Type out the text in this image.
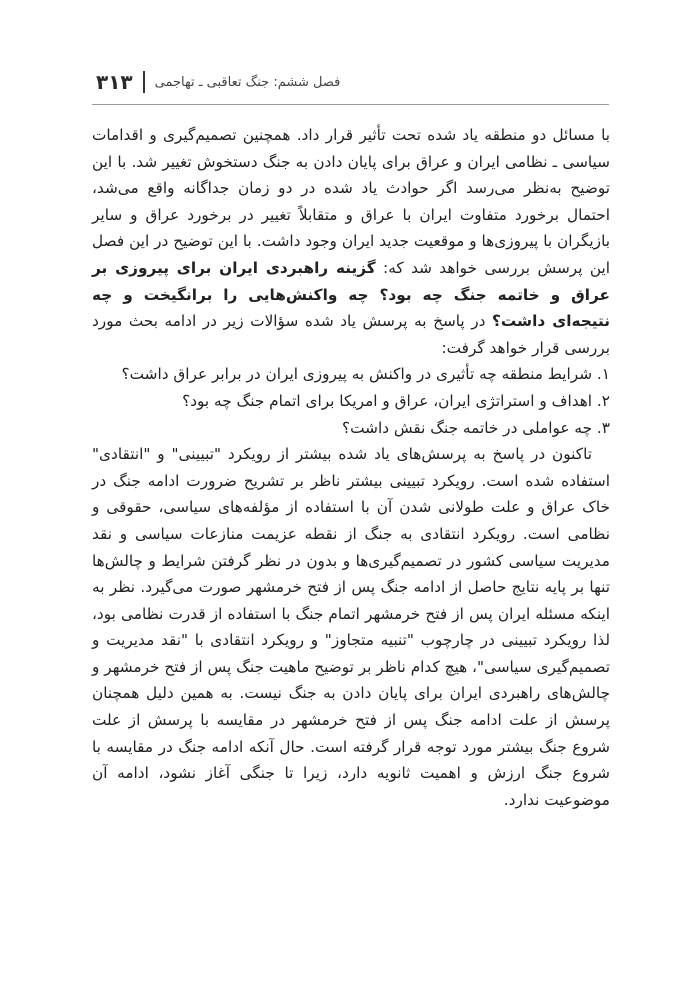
۳۱۳	فصل ششم: جنگ تعاقبی ـ تهاجمی

با مسائل دو منطقه یاد شده تحت تأثیر قرار داد. همچنین تصمیم‌گیری و اقدامات سیاسی ـ نظامی ایران و عراق برای پایان دادن به جنگ دستخوش تغییر شد. با این توضیح به‌نظر می‌رسد اگر حوادث یاد شده در دو زمان جداگانه واقع می‌شد، احتمال برخورد متفاوت ایران با عراق و متقابلاً تغییر در برخورد عراق و سایر بازیگران با پیروزی‌ها و موقعیت جدید ایران وجود داشت. با این توضیح در این فصل این پرسش بررسی خواهد شد که: گزینه راهبردی ایران برای پیروزی بر عراق و خاتمه جنگ چه بود؟ چه واکنش‌هایی را برانگیخت و چه نتیجه‌ای داشت؟ در پاسخ به پرسش یاد شده سؤالات زیر در ادامه بحث مورد بررسی قرار خواهد گرفت:

۱. شرایط منطقه چه تأثیری در واکنش به پیروزی ایران در برابر عراق داشت؟

۲. اهداف و استراتژی ایران، عراق و امریکا برای اتمام جنگ چه بود؟

۳. چه عواملی در خاتمه جنگ نقش داشت؟

تاکنون در پاسخ به پرسش‌های یاد شده بیشتر از رویکرد "تبیینی" و "انتقادی" استفاده شده است. رویکرد تبیینی بیشتر ناظر بر تشریح ضرورت ادامه جنگ در خاک عراق و علت طولانی شدن آن با استفاده از مؤلفه‌های سیاسی، حقوقی و نظامی است. رویکرد انتقادی به جنگ از نقطه عزیمت منازعات سیاسی و نقد مدیریت سیاسی کشور در تصمیم‌گیری‌ها و بدون در نظر گرفتن شرایط و چالش‌ها تنها بر پایه نتایج حاصل از ادامه جنگ پس از فتح خرمشهر صورت می‌گیرد. نظر به اینکه مسئله ایران پس از فتح خرمشهر اتمام جنگ با استفاده از قدرت نظامی بود، لذا رویکرد تبیینی در چارچوب "تنبیه متجاوز" و رویکرد انتقادی با "نقد مدیریت و تصمیم‌گیری سیاسی"، هیچ کدام ناظر بر توضیح ماهیت جنگ پس از فتح خرمشهر و چالش‌های راهبردی ایران برای پایان دادن به جنگ نیست. به همین دلیل همچنان پرسش از علت ادامه جنگ پس از فتح خرمشهر در مقایسه با پرسش از علت شروع جنگ بیشتر مورد توجه قرار گرفته است. حال آنکه ادامه جنگ در مقایسه با شروع جنگ ارزش و اهمیت ثانویه دارد، زیرا تا جنگی آغاز نشود، ادامه آن موضوعیت ندارد.
